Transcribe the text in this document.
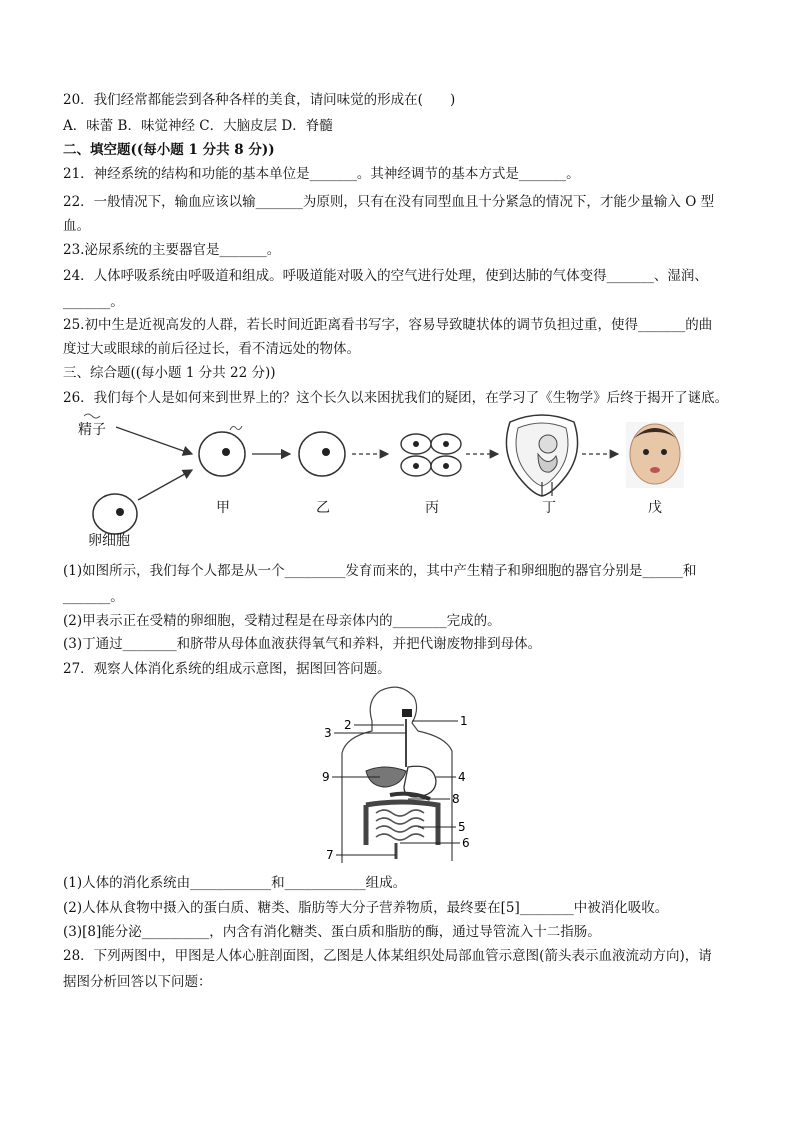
20．我们经常都能尝到各种各样的美食，请问味觉的形成在(　　)
A．味蕾 B．味觉神经 C．大脑皮层 D．脊髓
二、填空题((每小题 1 分共 8 分))
21．神经系统的结构和功能的基本单位是_______。其神经调节的基本方式是_______。
22．一般情况下，输血应该以输_______为原则，只有在没有同型血且十分紧急的情况下，才能少量输入 O 型
血。
23.泌尿系统的主要器官是_______。
24．人体呼吸系统由呼吸道和组成。呼吸道能对吸入的空气进行处理，使到达肺的气体变得_______、湿润、
_______。
25.初中生是近视高发的人群，若长时间近距离看书写字，容易导致睫状体的调节负担过重，使得_______的曲
度过大或眼球的前后径过长，看不清远处的物体。
三、综合题((每小题 1 分共 22 分))
26．我们每个人是如何来到世界上的？这个长久以来困扰我们的疑团，在学习了《生物学》后终于揭开了谜底。
精子
卵细胞
甲	乙	丙	丁	戊
(1)如图所示，我们每个人都是从一个_________发育而来的，其中产生精子和卵细胞的器官分别是______和
_______。
(2)甲表示正在受精的卵细胞，受精过程是在母亲体内的________完成的。
(3)丁通过________和脐带从母体血液获得氧气和养料，并把代谢废物排到母体。
27．观察人体消化系统的组成示意图，据图回答问题。
1
2
3
4
5
6
7
8
9
(1)人体的消化系统由____________和____________组成。
(2)人体从食物中摄入的蛋白质、糖类、脂肪等大分子营养物质，最终要在[5]________中被消化吸收。
(3)[8]能分泌__________，内含有消化糖类、蛋白质和脂肪的酶，通过导管流入十二指肠。
28．下列两图中，甲图是人体心脏剖面图，乙图是人体某组织处局部血管示意图(箭头表示血液流动方向)，请
据图分析回答以下问题：
